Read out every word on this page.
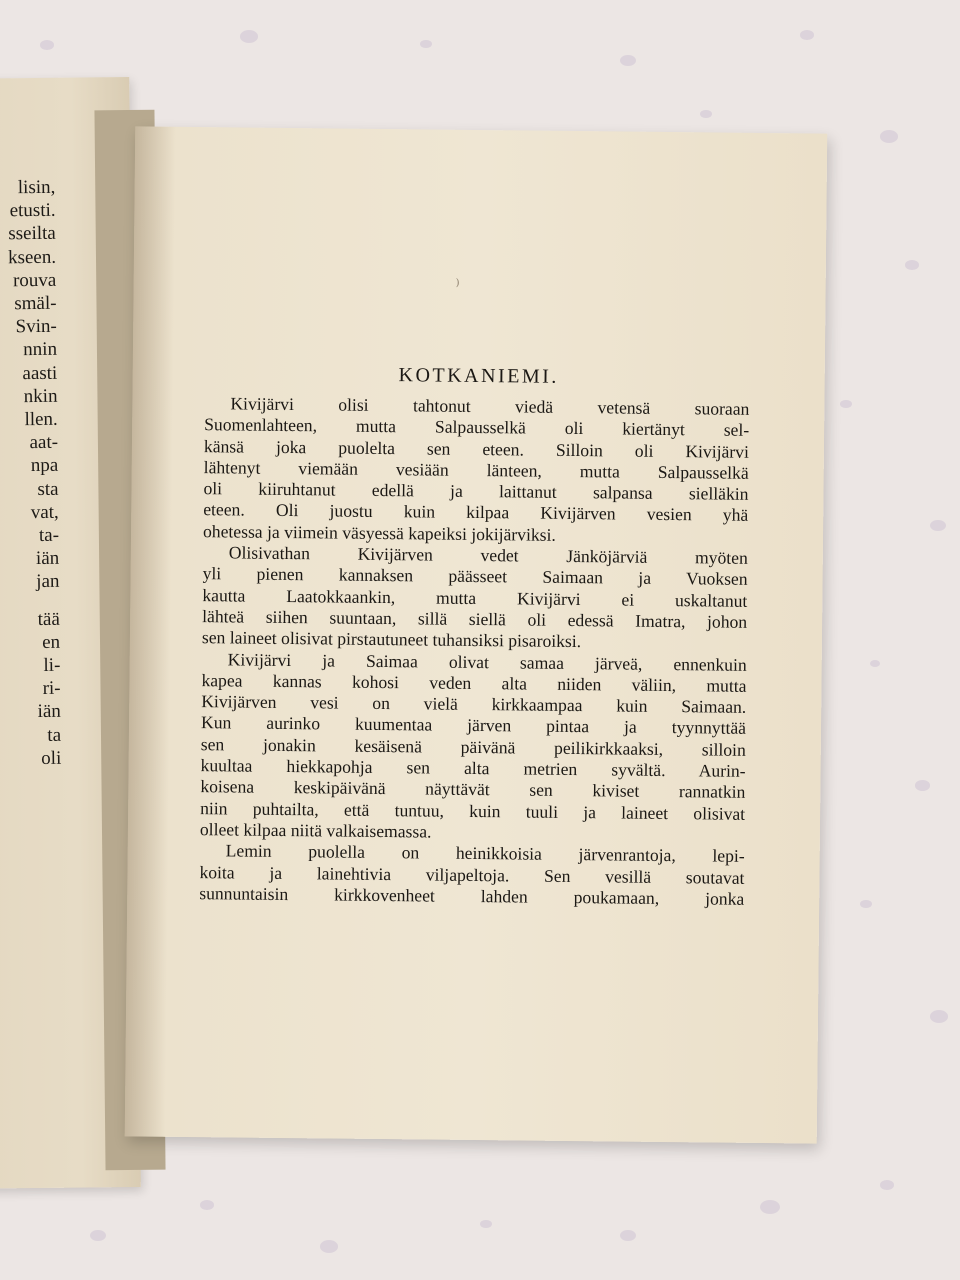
lisin,
etusti.
sseilta
kseen.
rouva
smäl-
Svin-
nnin
aasti
nkin
llen.
aat-
npa
sta
vat,
ta-
iän
jan
tää
en
li-
ri-
iän
ta
oli
)
KOTKANIEMI.
Kivijärvi olisi tahtonut viedä vetensä suoraan
Suomenlahteen, mutta Salpausselkä oli kiertänyt sel-
känsä joka puolelta sen eteen. Silloin oli Kivijärvi
lähtenyt viemään vesiään länteen, mutta Salpausselkä
oli kiiruhtanut edellä ja laittanut salpansa sielläkin
eteen. Oli juostu kuin kilpaa Kivijärven vesien yhä
ohetessa ja viimein väsyessä kapeiksi jokijärviksi.
Olisivathan Kivijärven vedet Jänköjärviä myöten
yli pienen kannaksen päässeet Saimaan ja Vuoksen
kautta Laatokkaankin, mutta Kivijärvi ei uskaltanut
lähteä siihen suuntaan, sillä siellä oli edessä Imatra, johon
sen laineet olisivat pirstautuneet tuhansiksi pisaroiksi.
Kivijärvi ja Saimaa olivat samaa järveä, ennenkuin
kapea kannas kohosi veden alta niiden väliin, mutta
Kivijärven vesi on vielä kirkkaampaa kuin Saimaan.
Kun aurinko kuumentaa järven pintaa ja tyynnyttää
sen jonakin kesäisenä päivänä peilikirkkaaksi, silloin
kuultaa hiekkapohja sen alta metrien syvältä. Aurin-
koisena keskipäivänä näyttävät sen kiviset rannatkin
niin puhtailta, että tuntuu, kuin tuuli ja laineet olisivat
olleet kilpaa niitä valkaisemassa.
Lemin puolella on heinikkoisia järvenrantoja, lepi-
koita ja lainehtivia viljapeltoja. Sen vesillä soutavat
sunnuntaisin kirkkovenheet lahden poukamaan, jonka
